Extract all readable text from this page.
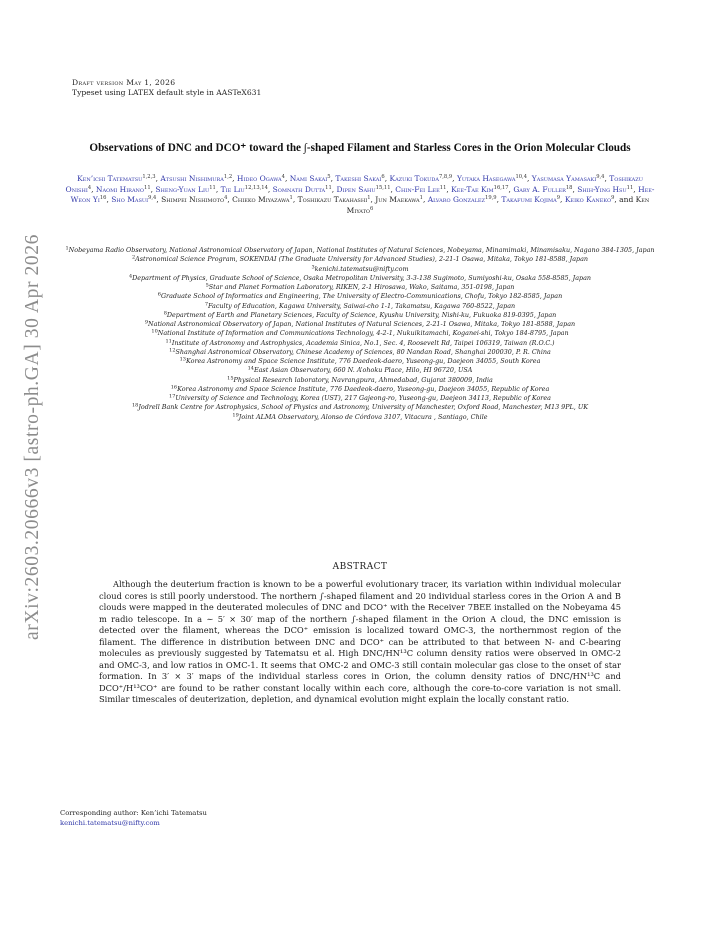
arXiv:2603.20666v3 [astro-ph.GA] 30 Apr 2026
Draft version May 1, 2026
Typeset using LATEX default style in AASTeX631
Observations of DNC and DCO⁺ toward the ∫-shaped Filament and Starless Cores in the Orion Molecular Clouds
Ken’ichi Tatematsu$^{1,2,3}$, Atsushi Nishimura$^{1,2}$, Hideo Ogawa$^4$, Nami Sakai$^5$, Takeshi Sakai$^6$, Kazuki Tokuda$^{7,8,9}$, Yutaka Hasegawa$^{10,4}$, Yasumasa Yamasaki$^{9,4}$, Toshikazu Onishi$^4$, Naomi Hirano$^{11}$, Sheng-Yuan Liu$^{11}$, Tie Liu$^{12,13,14}$, Somnath Dutta$^{11}$, Dipen Sahu$^{15,11}$, Chin-Fei Lee$^{11}$, Kee-Tae Kim$^{16,17}$, Gary A. Fuller$^{18}$, Shih-Ying Hsu$^{11}$, Hee-Weon Yi$^{16}$, Sho Masui$^{9,4}$, Shimpei Nishimoto$^4$, Chieko Miyazawa$^1$, Toshikazu Takahashi$^1$, Jun Maekawa$^1$, Alvaro Gonzalez$^{19,9}$, Takafumi Kojima$^9$, Keiko Kaneko$^9$, and Ken Miyato$^6$
$^1$Nobeyama Radio Observatory, National Astronomical Observatory of Japan, National Institutes of Natural Sciences, Nobeyama, Minamimaki, Minamisaku, Nagano 384-1305, Japan
$^2$Astronomical Science Program, SOKENDAI (The Graduate University for Advanced Studies), 2-21-1 Osawa, Mitaka, Tokyo 181-8588, Japan
$^3$kenichi.tatematsu@nifty.com
$^4$Department of Physics, Graduate School of Science, Osaka Metropolitan University, 3-3-138 Sugimoto, Sumiyoshi-ku, Osaka 558-8585, Japan
$^5$Star and Planet Formation Laboratory, RIKEN, 2-1 Hirosawa, Wako, Saitama, 351-0198, Japan
$^6$Graduate School of Informatics and Engineering, The University of Electro-Communications, Chofu, Tokyo 182-8585, Japan
$^7$Faculty of Education, Kagawa University, Saiwai-cho 1-1, Takamatsu, Kagawa 760-8522, Japan
$^8$Department of Earth and Planetary Sciences, Faculty of Science, Kyushu University, Nishi-ku, Fukuoka 819-0395, Japan
$^9$National Astronomical Observatory of Japan, National Institutes of Natural Sciences, 2-21-1 Osawa, Mitaka, Tokyo 181-8588, Japan
$^{10}$National Institute of Information and Communications Technology, 4-2-1, Nukuikitamachi, Koganei-shi, Tokyo 184-8795, Japan
$^{11}$Institute of Astronomy and Astrophysics, Academia Sinica, No.1, Sec. 4, Roosevelt Rd, Taipei 106319, Taiwan (R.O.C.)
$^{12}$Shanghai Astronomical Observatory, Chinese Academy of Sciences, 80 Nandan Road, Shanghai 200030, P. R. China
$^{13}$Korea Astronomy and Space Science Institute, 776 Daedeok-daero, Yuseong-gu, Daejeon 34055, South Korea
$^{14}$East Asian Observatory, 660 N. A’ohoku Place, Hilo, HI 96720, USA
$^{15}$Physical Research laboratory, Navrangpura, Ahmedabad, Gujarat 380009, India
$^{16}$Korea Astronomy and Space Science Institute, 776 Daedeok-daero, Yuseong-gu, Daejeon 34055, Republic of Korea
$^{17}$University of Science and Technology, Korea (UST), 217 Gajeong-ro, Yuseong-gu, Daejeon 34113, Republic of Korea
$^{18}$Jodrell Bank Centre for Astrophysics, School of Physics and Astronomy, University of Manchester, Oxford Road, Manchester, M13 9PL, UK
$^{19}$Joint ALMA Observatory, Alonso de Córdova 3107, Vitacura , Santiago, Chile
ABSTRACT
Although the deuterium fraction is known to be a powerful evolutionary tracer, its variation within individual molecular cloud cores is still poorly understood. The northern ∫-shaped filament and 20 individual starless cores in the Orion A and B clouds were mapped in the deuterated molecules of DNC and DCO⁺ with the Receiver 7BEE installed on the Nobeyama 45 m radio telescope. In a ∼ 5′ × 30′ map of the northern ∫-shaped filament in the Orion A cloud, the DNC emission is detected over the filament, whereas the DCO⁺ emission is localized toward OMC-3, the northernmost region of the filament. The difference in distribution between DNC and DCO⁺ can be attributed to that between N- and C-bearing molecules as previously suggested by Tatematsu et al. High DNC/HN¹³C column density ratios were observed in OMC-2 and OMC-3, and low ratios in OMC-1. It seems that OMC-2 and OMC-3 still contain molecular gas close to the onset of star formation. In 3′ × 3′ maps of the individual starless cores in Orion, the column density ratios of DNC/HN¹³C and DCO⁺/H¹³CO⁺ are found to be rather constant locally within each core, although the core-to-core variation is not small. Similar timescales of deuterization, depletion, and dynamical evolution might explain the locally constant ratio.
Corresponding author: Ken’ichi Tatematsu
kenichi.tatematsu@nifty.com
